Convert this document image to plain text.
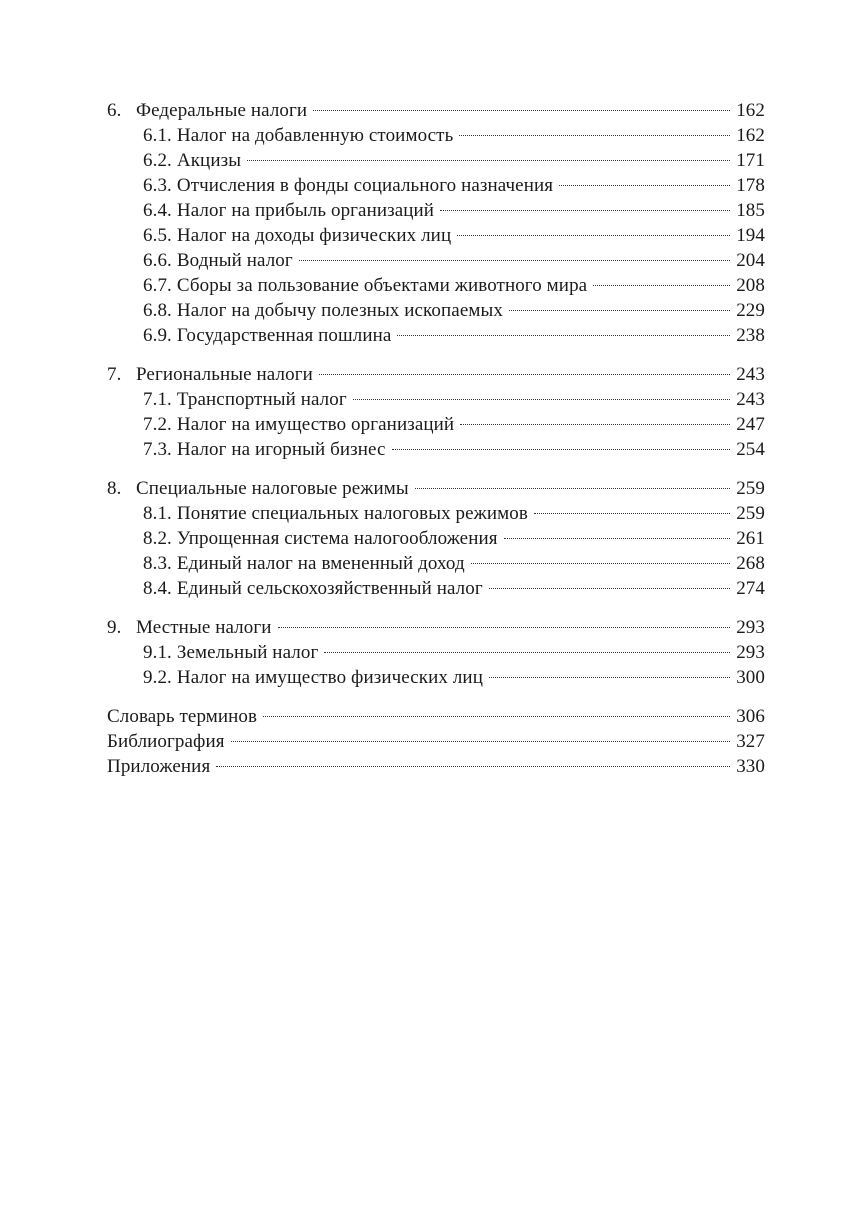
6. Федеральные налоги	162
6.1. Налог на добавленную стоимость	162
6.2. Акцизы	171
6.3. Отчисления в фонды социального назначения	178
6.4. Налог на прибыль организаций	185
6.5. Налог на доходы физических лиц	194
6.6. Водный налог	204
6.7. Сборы за пользование объектами животного мира	208
6.8. Налог на добычу полезных ископаемых	229
6.9. Государственная пошлина	238
7. Региональные налоги	243
7.1. Транспортный налог	243
7.2. Налог на имущество организаций	247
7.3. Налог на игорный бизнес	254
8. Специальные налоговые режимы	259
8.1. Понятие специальных налоговых режимов	259
8.2. Упрощенная система налогообложения	261
8.3. Единый налог на вмененный доход	268
8.4. Единый сельскохозяйственный налог	274
9. Местные налоги	293
9.1. Земельный налог	293
9.2. Налог на имущество физических лиц	300
Словарь терминов	306
Библиография	327
Приложения	330
